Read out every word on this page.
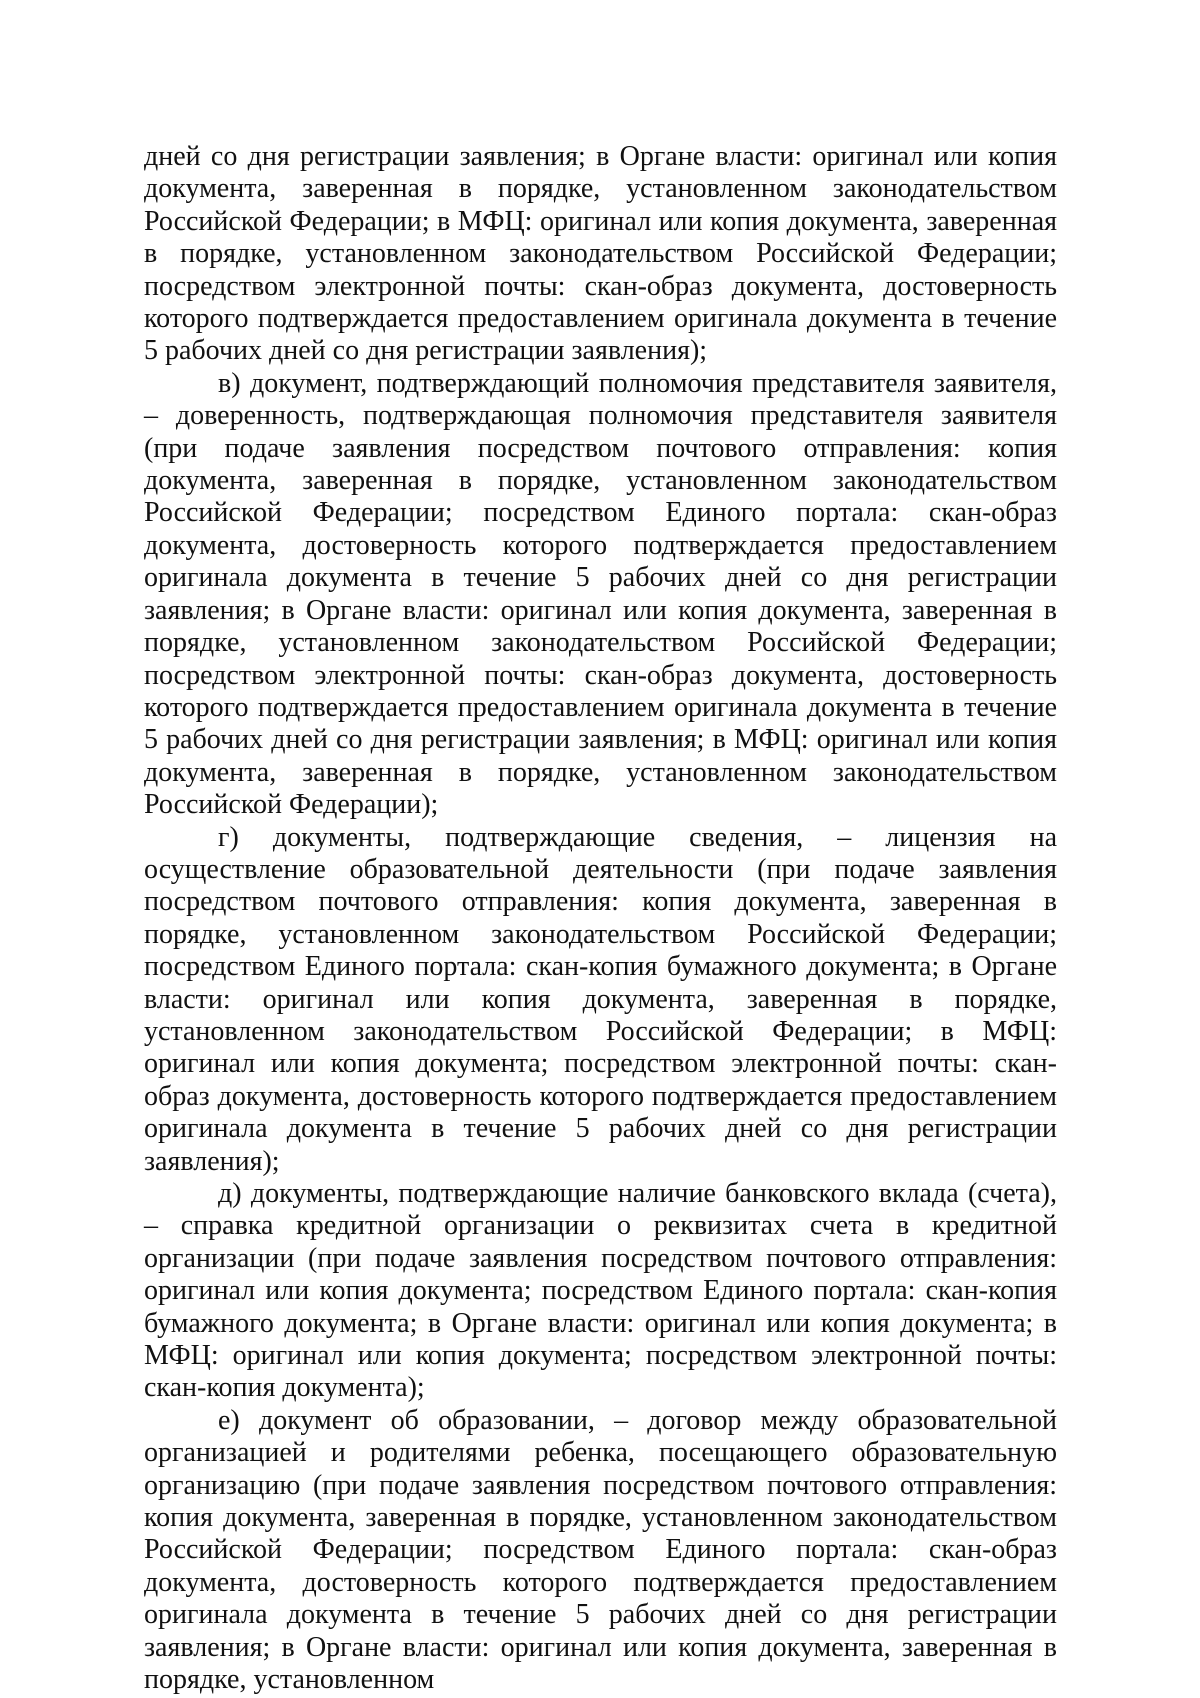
дней со дня регистрации заявления; в Органе власти: оригинал или копия документа, заверенная в порядке, установленном законодательством Российской Федерации; в МФЦ: оригинал или копия документа, заверенная в порядке, установленном законодательством Российской Федерации; посредством электронной почты: скан-образ документа, достоверность которого подтверждается предоставлением оригинала документа в течение 5 рабочих дней со дня регистрации заявления);

в) документ, подтверждающий полномочия представителя заявителя, – доверенность, подтверждающая полномочия представителя заявителя (при подаче заявления посредством почтового отправления: копия документа, заверенная в порядке, установленном законодательством Российской Федерации; посредством Единого портала: скан-образ документа, достоверность которого подтверждается предоставлением оригинала документа в течение 5 рабочих дней со дня регистрации заявления; в Органе власти: оригинал или копия документа, заверенная в порядке, установленном законодательством Российской Федерации; посредством электронной почты: скан-образ документа, достоверность которого подтверждается предоставлением оригинала документа в течение 5 рабочих дней со дня регистрации заявления; в МФЦ: оригинал или копия документа, заверенная в порядке, установленном законодательством Российской Федерации);

г) документы, подтверждающие сведения, – лицензия на осуществление образовательной деятельности (при подаче заявления посредством почтового отправления: копия документа, заверенная в порядке, установленном законодательством Российской Федерации; посредством Единого портала: скан-копия бумажного документа; в Органе власти: оригинал или копия документа, заверенная в порядке, установленном законодательством Российской Федерации; в МФЦ: оригинал или копия документа; посредством электронной почты: скан-образ документа, достоверность которого подтверждается предоставлением оригинала документа в течение 5 рабочих дней со дня регистрации заявления);

д) документы, подтверждающие наличие банковского вклада (счета), – справка кредитной организации о реквизитах счета в кредитной организации (при подаче заявления посредством почтового отправления: оригинал или копия документа; посредством Единого портала: скан-копия бумажного документа; в Органе власти: оригинал или копия документа; в МФЦ: оригинал или копия документа; посредством электронной почты: скан-копия документа);

е) документ об образовании, – договор между образовательной организацией и родителями ребенка, посещающего образовательную организацию (при подаче заявления посредством почтового отправления: копия документа, заверенная в порядке, установленном законодательством Российской Федерации; посредством Единого портала: скан-образ документа, достоверность которого подтверждается предоставлением оригинала документа в течение 5 рабочих дней со дня регистрации заявления; в Органе власти: оригинал или копия документа, заверенная в порядке, установленном
